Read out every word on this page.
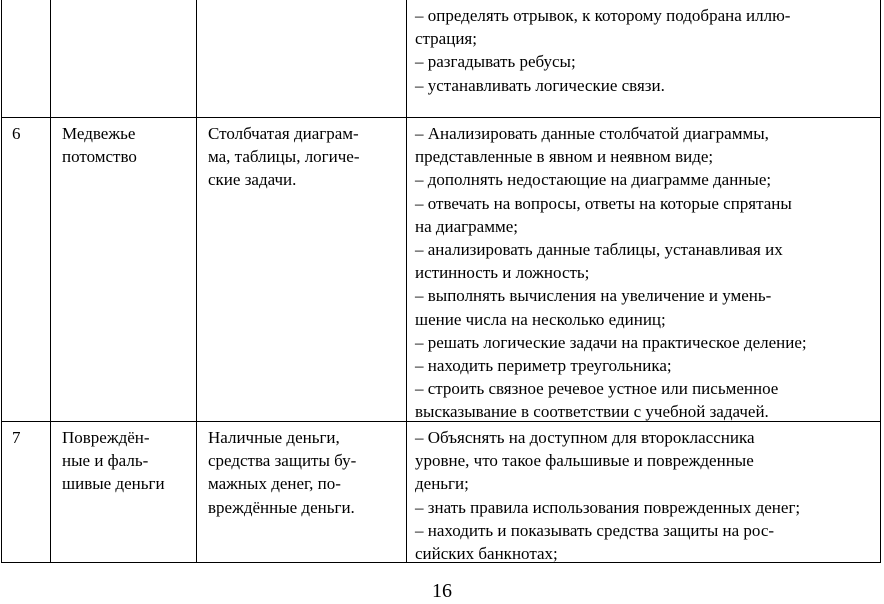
– определять отрывок, к которому подобрана иллю-
страция;
– разгадывать ребусы;
– устанавливать логические связи.
6 Медвежье
потомство
Столбчатая диаграм-
ма, таблицы, логиче-
ские задачи.
– Анализировать данные столбчатой диаграммы,
представленные в явном и неявном виде;
– дополнять недостающие на диаграмме данные;
– отвечать на вопросы, ответы на которые спрятаны
на диаграмме;
– анализировать данные таблицы, устанавливая их
истинность и ложность;
– выполнять вычисления на увеличение и умень-
шение числа на несколько единиц;
– решать логические задачи на практическое деление;
– находить периметр треугольника;
– строить связное речевое устное или письменное
высказывание в соответствии с учебной задачей.
7 Повреждён-
ные и фаль-
шивые деньги
Наличные деньги,
средства защиты бу-
мажных денег, по-
вреждённые деньги.
– Объяснять на доступном для второклассника
уровне, что такое фальшивые и поврежденные
деньги;
– знать правила использования поврежденных денег;
– находить и показывать средства защиты на рос-
сийских банкнотах;
16
